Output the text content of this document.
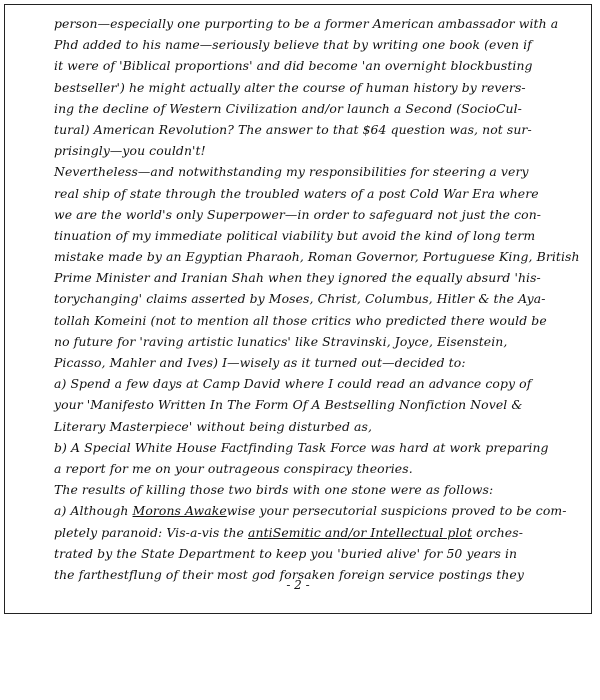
person—especially one purporting to be a former American ambassador with a
Phd added to his name—seriously believe that by writing one book (even if
it were of 'Biblical proportions' and did become 'an overnight blockbusting
bestseller') he might actually alter the course of human history by revers-
ing the decline of Western Civilization and/or launch a Second (SocioCul-
tural) American Revolution? The answer to that $64 question was, not sur-
prisingly—you couldn't!
Nevertheless—and notwithstanding my responsibilities for steering a very
real ship of state through the troubled waters of a post Cold War Era where
we are the world's only Superpower—in order to safeguard not just the con-
tinuation of my immediate political viability but avoid the kind of long term
mistake made by an Egyptian Pharaoh, Roman Governor, Portuguese King, British
Prime Minister and Iranian Shah when they ignored the equally absurd 'his-
torychanging' claims asserted by Moses, Christ, Columbus, Hitler & the Aya-
tollah Komeini (not to mention all those critics who predicted there would be
no future for 'raving artistic lunatics' like Stravinski, Joyce, Eisenstein,
Picasso, Mahler and Ives) I—wisely as it turned out—decided to:
a) Spend a few days at Camp David where I could read an advance copy of
your 'Manifesto Written In The Form Of A Bestselling Nonfiction Novel &
Literary Masterpiece' without being disturbed as,
b) A Special White House Factfinding Task Force was hard at work preparing
a report for me on your outrageous conspiracy theories.
The results of killing those two birds with one stone were as follows:
a) Although Morons Awakewise your persecutorial suspicions proved to be com-
pletely paranoid: Vis-a-vis the antiSemitic and/or Intellectual plot orches-
trated by the State Department to keep you 'buried alive' for 50 years in
the farthestflung of their most god forsaken foreign service postings they
- 2 -
